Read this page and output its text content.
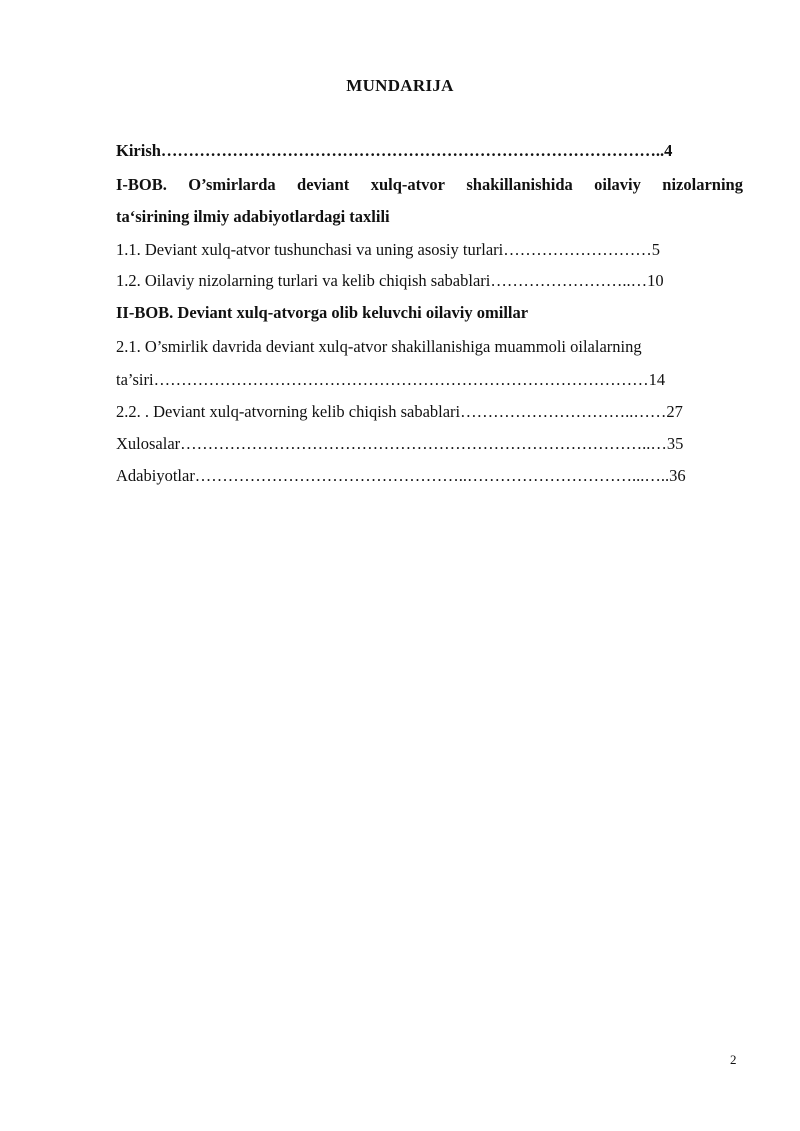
MUNDARIJA
Kirish………………………………………………………………………………..4
I-BOB. O’smirlarda deviant xulq-atvor shakillanishida oilaviy nizolarning
ta‘sirining ilmiy adabiyotlardagi taxlili
1.1. Deviant xulq-atvor tushunchasi va uning asosiy turlari………………………5
1.2. Oilaviy nizolarning turlari va kelib chiqish sabablari……………………..…10
II-BOB. Deviant xulq-atvorga olib keluvchi oilaviy omillar
2.1. O’smirlik davrida deviant xulq-atvor shakillanishiga muammoli oilalarning
ta’siri………………………………………………………………………………14
2.2. . Deviant xulq-atvorning kelib chiqish sabablari…………………………..……27
Xulosalar…………………………………………………………………………..…35
Adabiyotlar…………………………………………..…………………………...…..36
2
